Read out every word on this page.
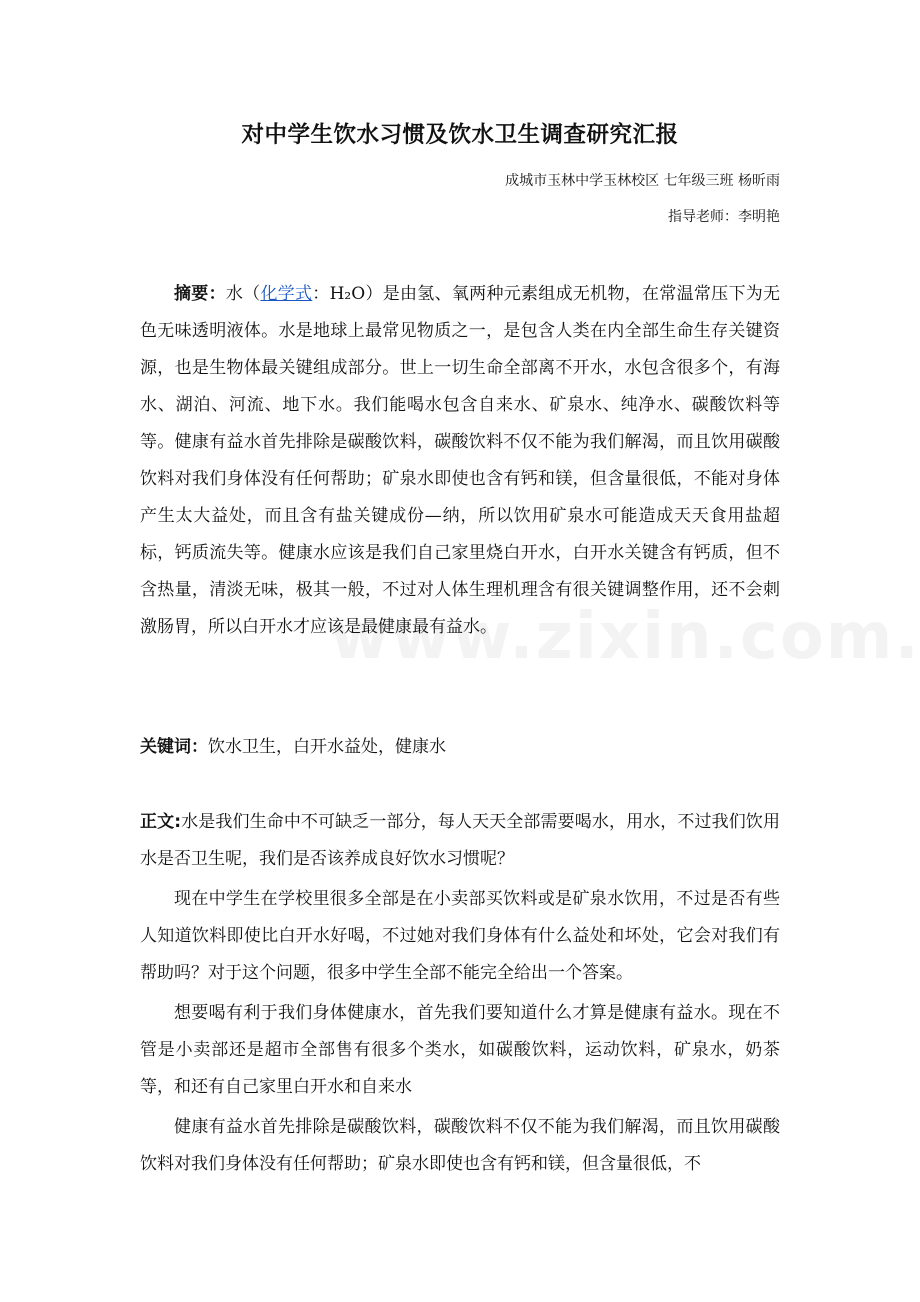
对中学生饮水习惯及饮水卫生调查研究汇报
成城市玉林中学玉林校区 七年级三班 杨昕雨
指导老师：李明艳

摘要：水（化学式：H₂O）是由氢、氧两种元素组成无机物，在常温常压下为无色无味透明液体。水是地球上最常见物质之一，是包含人类在内全部生命生存关键资源，也是生物体最关键组成部分。世上一切生命全部离不开水，水包含很多个，有海水、湖泊、河流、地下水。我们能喝水包含自来水、矿泉水、纯净水、碳酸饮料等等。健康有益水首先排除是碳酸饮料，碳酸饮料不仅不能为我们解渴，而且饮用碳酸饮料对我们身体没有任何帮助；矿泉水即使也含有钙和镁，但含量很低，不能对身体产生太大益处，而且含有盐关键成份—纳，所以饮用矿泉水可能造成天天食用盐超标，钙质流失等。健康水应该是我们自己家里烧白开水，白开水关键含有钙质，但不含热量，清淡无味，极其一般，不过对人体生理机理含有很关键调整作用，还不会刺激肠胃，所以白开水才应该是最健康最有益水。

关键词：饮水卫生，白开水益处，健康水

正文:水是我们生命中不可缺乏一部分，每人天天全部需要喝水，用水，不过我们饮用水是否卫生呢，我们是否该养成良好饮水习惯呢？

现在中学生在学校里很多全部是在小卖部买饮料或是矿泉水饮用，不过是否有些人知道饮料即使比白开水好喝，不过她对我们身体有什么益处和坏处，它会对我们有帮助吗？对于这个问题，很多中学生全部不能完全给出一个答案。

想要喝有利于我们身体健康水，首先我们要知道什么才算是健康有益水。现在不管是小卖部还是超市全部售有很多个类水，如碳酸饮料，运动饮料，矿泉水，奶茶等，和还有自己家里白开水和自来水

健康有益水首先排除是碳酸饮料，碳酸饮料不仅不能为我们解渴，而且饮用碳酸饮料对我们身体没有任何帮助；矿泉水即使也含有钙和镁，但含量很低，不
